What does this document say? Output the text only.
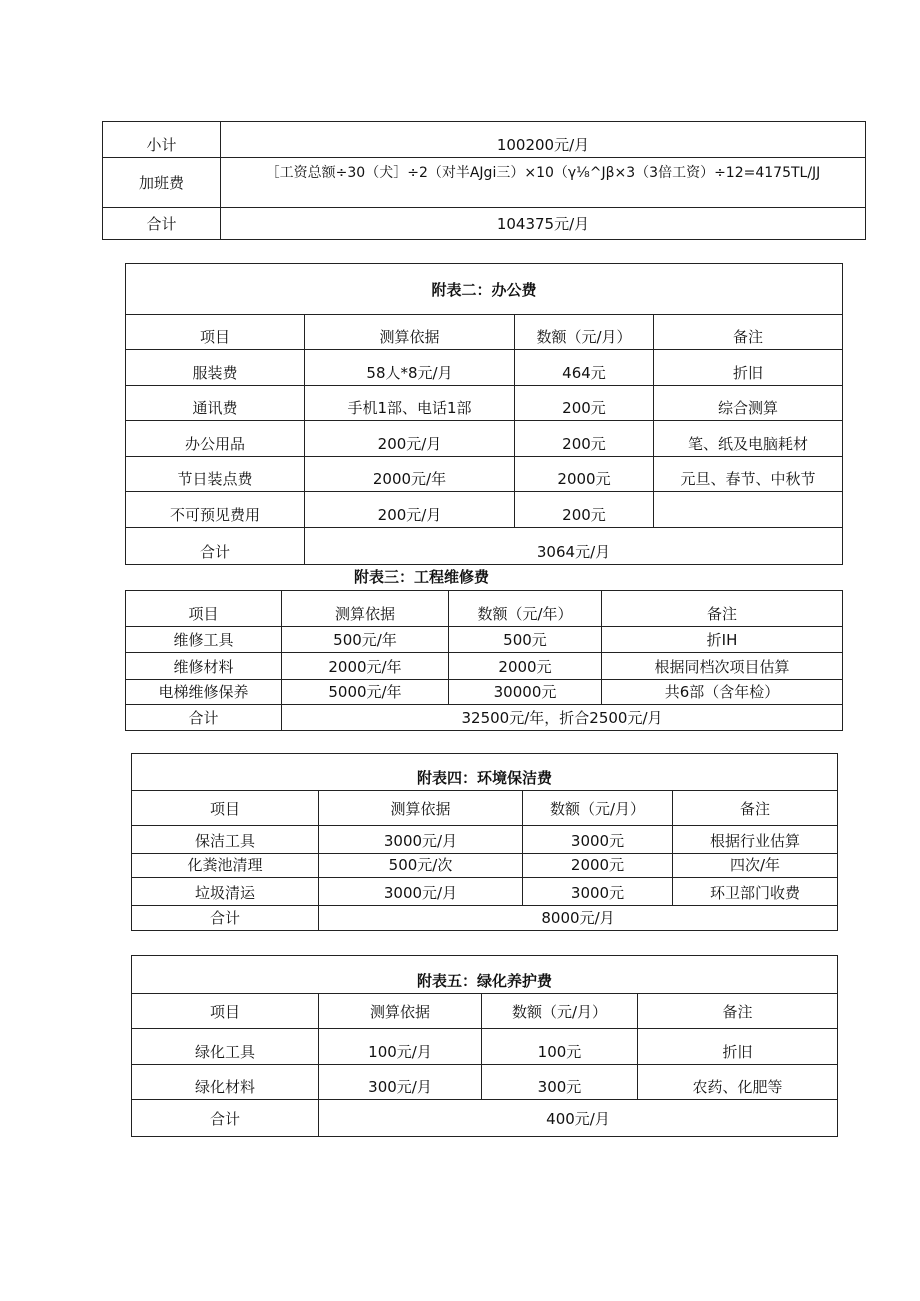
小计	100200元/月
加班费	［工资总额÷30（犬］÷2（对半AJgi三）×10（γ⅛^Jβ×3（3倍工资）÷12=4175TL/JJ
合计	104375元/月
附表二：办公费			
项目	测算依据	数额（元/月）	备注
服装费	58人*8元/月	464元	折旧
通讯费	手机1部、电话1部	200元	综合测算
办公用品	200元/月	200元	笔、纸及电脑耗材
节日装点费	2000元/年	2000元	元旦、春节、中秋节
不可预见费用	200元/月	200元	
合计	3064元/月		
附表三：工程维修费
项目	测算依据	数额（元/年）	备注
维修工具	500元/年	500元	折IH
维修材料	2000元/年	2000元	根据同档次项目估算
电梯维修保养	5000元/年	30000元	共6部（含年检）
合计	32500元/年，折合2500元/月		
附表四：环境保洁费			
项目	测算依据	数额（元/月）	备注
保洁工具	3000元/月	3000元	根据行业估算
化粪池清理	500元/次	2000元	四次/年
垃圾清运	3000元/月	3000元	环卫部门收费
合计	8000元/月		
附表五：绿化养护费			
项目	测算依据	数额（元/月）	备注
绿化工具	100元/月	100元	折旧
绿化材料	300元/月	300元	农药、化肥等
合计	400元/月		
